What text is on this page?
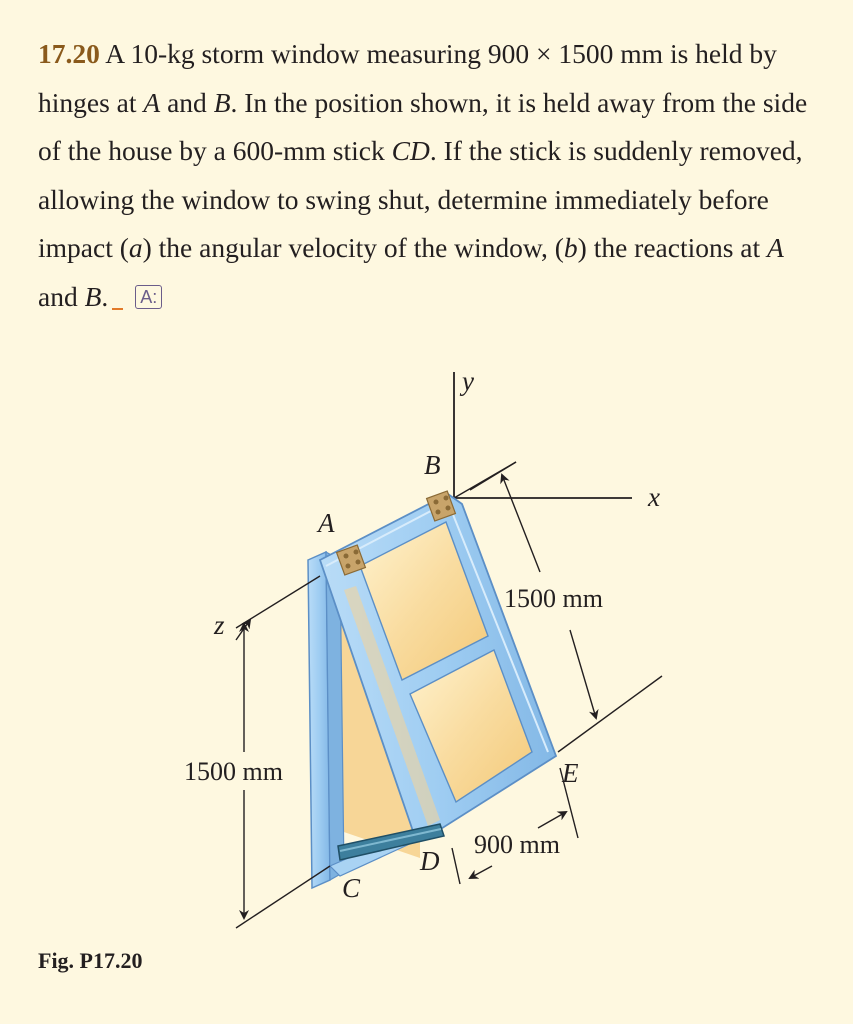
17.20 A 10-kg storm window measuring 900 × 1500 mm is held by hinges at A and B. In the position shown, it is held away from the side of the house by a 600-mm stick CD. If the stick is suddenly removed, allowing the window to swing shut, determine immediately before impact (a) the angular velocity of the window, (b) the reactions at A and B. A:
1500 mm
1500 mm
900 mm
y
x
z
B
A
C
D
E
Fig. P17.20
